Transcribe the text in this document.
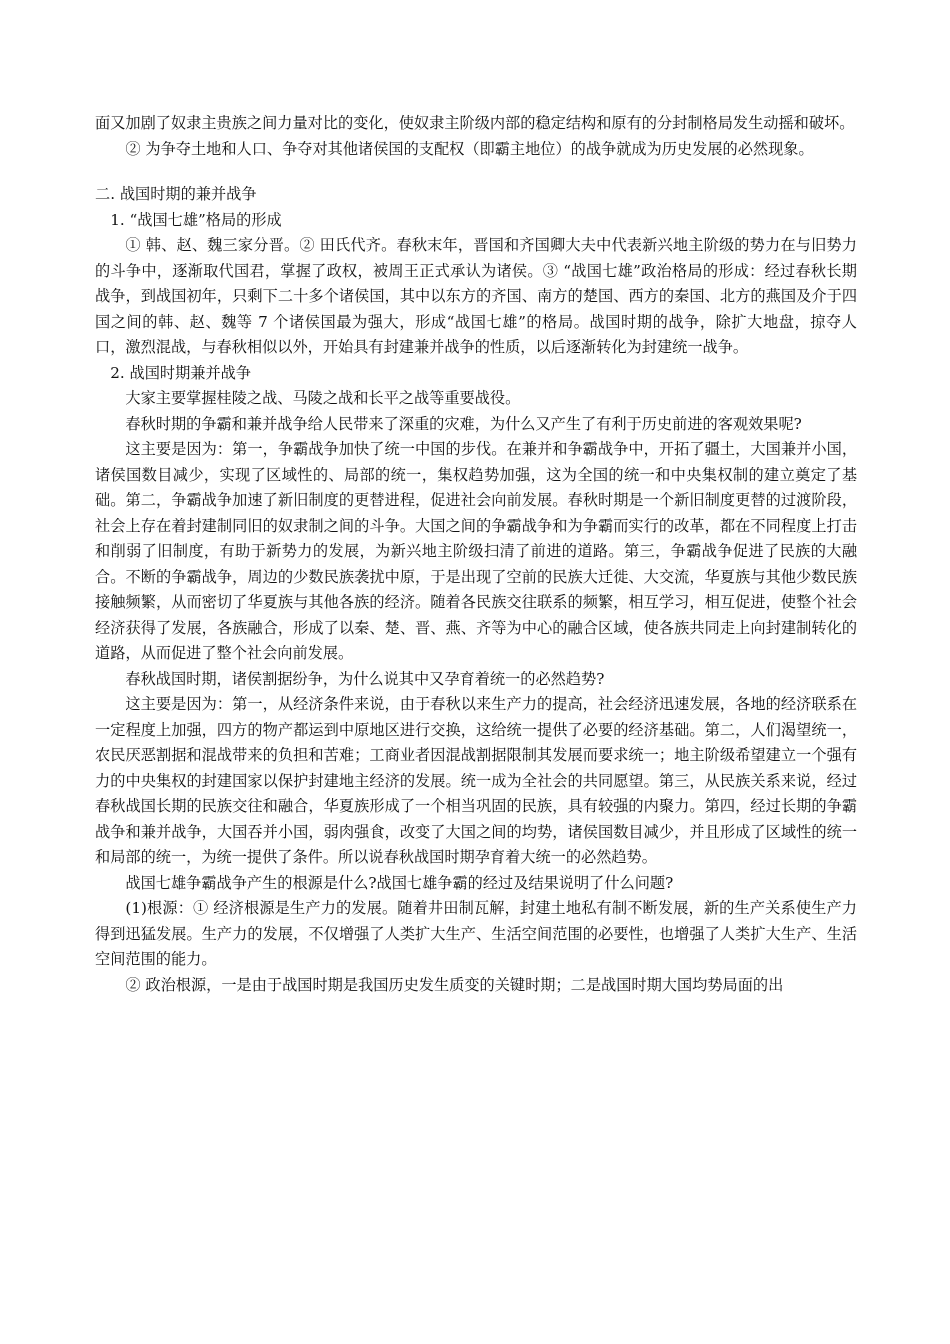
面又加剧了奴隶主贵族之间力量对比的变化，使奴隶主阶级内部的稳定结构和原有的分封制格局发生动摇和破坏。

② 为争夺土地和人口、争夺对其他诸侯国的支配权（即霸主地位）的战争就成为历史发展的必然现象。

二. 战国时期的兼并战争

1. “战国七雄”格局的形成

① 韩、赵、魏三家分晋。② 田氏代齐。春秋末年，晋国和齐国卿大夫中代表新兴地主阶级的势力在与旧势力的斗争中，逐渐取代国君，掌握了政权，被周王正式承认为诸侯。③ “战国七雄”政治格局的形成：经过春秋长期战争，到战国初年，只剩下二十多个诸侯国，其中以东方的齐国、南方的楚国、西方的秦国、北方的燕国及介于四国之间的韩、赵、魏等 7 个诸侯国最为强大，形成“战国七雄”的格局。战国时期的战争，除扩大地盘，掠夺人口，激烈混战，与春秋相似以外，开始具有封建兼并战争的性质，以后逐渐转化为封建统一战争。

2. 战国时期兼并战争

大家主要掌握桂陵之战、马陵之战和长平之战等重要战役。

春秋时期的争霸和兼并战争给人民带来了深重的灾难，为什么又产生了有利于历史前进的客观效果呢?

这主要是因为：第一，争霸战争加快了统一中国的步伐。在兼并和争霸战争中，开拓了疆土，大国兼并小国，诸侯国数目减少，实现了区域性的、局部的统一，集权趋势加强，这为全国的统一和中央集权制的建立奠定了基础。第二，争霸战争加速了新旧制度的更替进程，促进社会向前发展。春秋时期是一个新旧制度更替的过渡阶段，社会上存在着封建制同旧的奴隶制之间的斗争。大国之间的争霸战争和为争霸而实行的改革，都在不同程度上打击和削弱了旧制度，有助于新势力的发展，为新兴地主阶级扫清了前进的道路。第三，争霸战争促进了民族的大融合。不断的争霸战争，周边的少数民族袭扰中原，于是出现了空前的民族大迁徙、大交流，华夏族与其他少数民族接触频繁，从而密切了华夏族与其他各族的经济。随着各民族交往联系的频繁，相互学习，相互促进，使整个社会经济获得了发展，各族融合，形成了以秦、楚、晋、燕、齐等为中心的融合区域，使各族共同走上向封建制转化的道路，从而促进了整个社会向前发展。

春秋战国时期，诸侯割据纷争，为什么说其中又孕育着统一的必然趋势?

这主要是因为：第一，从经济条件来说，由于春秋以来生产力的提高，社会经济迅速发展，各地的经济联系在一定程度上加强，四方的物产都运到中原地区进行交换，这给统一提供了必要的经济基础。第二，人们渴望统一，农民厌恶割据和混战带来的负担和苦难；工商业者因混战割据限制其发展而要求统一；地主阶级希望建立一个强有力的中央集权的封建国家以保护封建地主经济的发展。统一成为全社会的共同愿望。第三，从民族关系来说，经过春秋战国长期的民族交往和融合，华夏族形成了一个相当巩固的民族，具有较强的内聚力。第四，经过长期的争霸战争和兼并战争，大国吞并小国，弱肉强食，改变了大国之间的均势，诸侯国数目减少，并且形成了区域性的统一和局部的统一，为统一提供了条件。所以说春秋战国时期孕育着大统一的必然趋势。

战国七雄争霸战争产生的根源是什么?战国七雄争霸的经过及结果说明了什么问题?

(1)根源：① 经济根源是生产力的发展。随着井田制瓦解，封建土地私有制不断发展，新的生产关系使生产力得到迅猛发展。生产力的发展，不仅增强了人类扩大生产、生活空间范围的必要性，也增强了人类扩大生产、生活空间范围的能力。

② 政治根源，一是由于战国时期是我国历史发生质变的关键时期；二是战国时期大国均势局面的出
